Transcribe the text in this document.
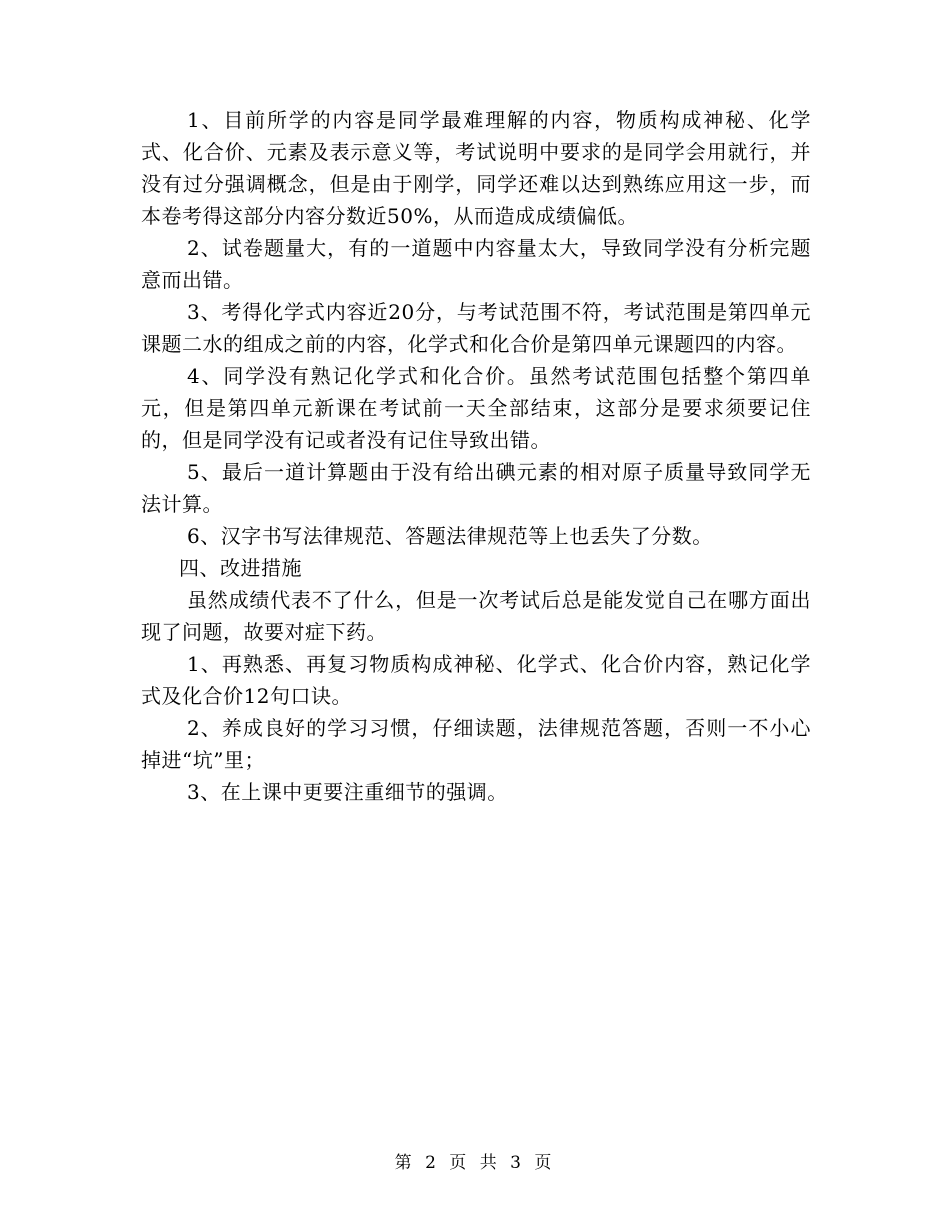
1、目前所学的内容是同学最难理解的内容，物质构成神秘、化学式、化合价、元素及表示意义等，考试说明中要求的是同学会用就行，并没有过分强调概念，但是由于刚学，同学还难以达到熟练应用这一步，而本卷考得这部分内容分数近50%，从而造成成绩偏低。

2、试卷题量大，有的一道题中内容量太大，导致同学没有分析完题意而出错。

3、考得化学式内容近20分，与考试范围不符，考试范围是第四单元课题二水的组成之前的内容，化学式和化合价是第四单元课题四的内容。

4、同学没有熟记化学式和化合价。虽然考试范围包括整个第四单元，但是第四单元新课在考试前一天全部结束，这部分是要求须要记住的，但是同学没有记或者没有记住导致出错。

5、最后一道计算题由于没有给出碘元素的相对原子质量导致同学无法计算。

6、汉字书写法律规范、答题法律规范等上也丢失了分数。

四、改进措施

虽然成绩代表不了什么，但是一次考试后总是能发觉自己在哪方面出现了问题，故要对症下药。

1、再熟悉、再复习物质构成神秘、化学式、化合价内容，熟记化学式及化合价12句口诀。

2、养成良好的学习习惯，仔细读题，法律规范答题，否则一不小心掉进“坑”里；

3、在上课中更要注重细节的强调。

第 2 页 共 3 页
